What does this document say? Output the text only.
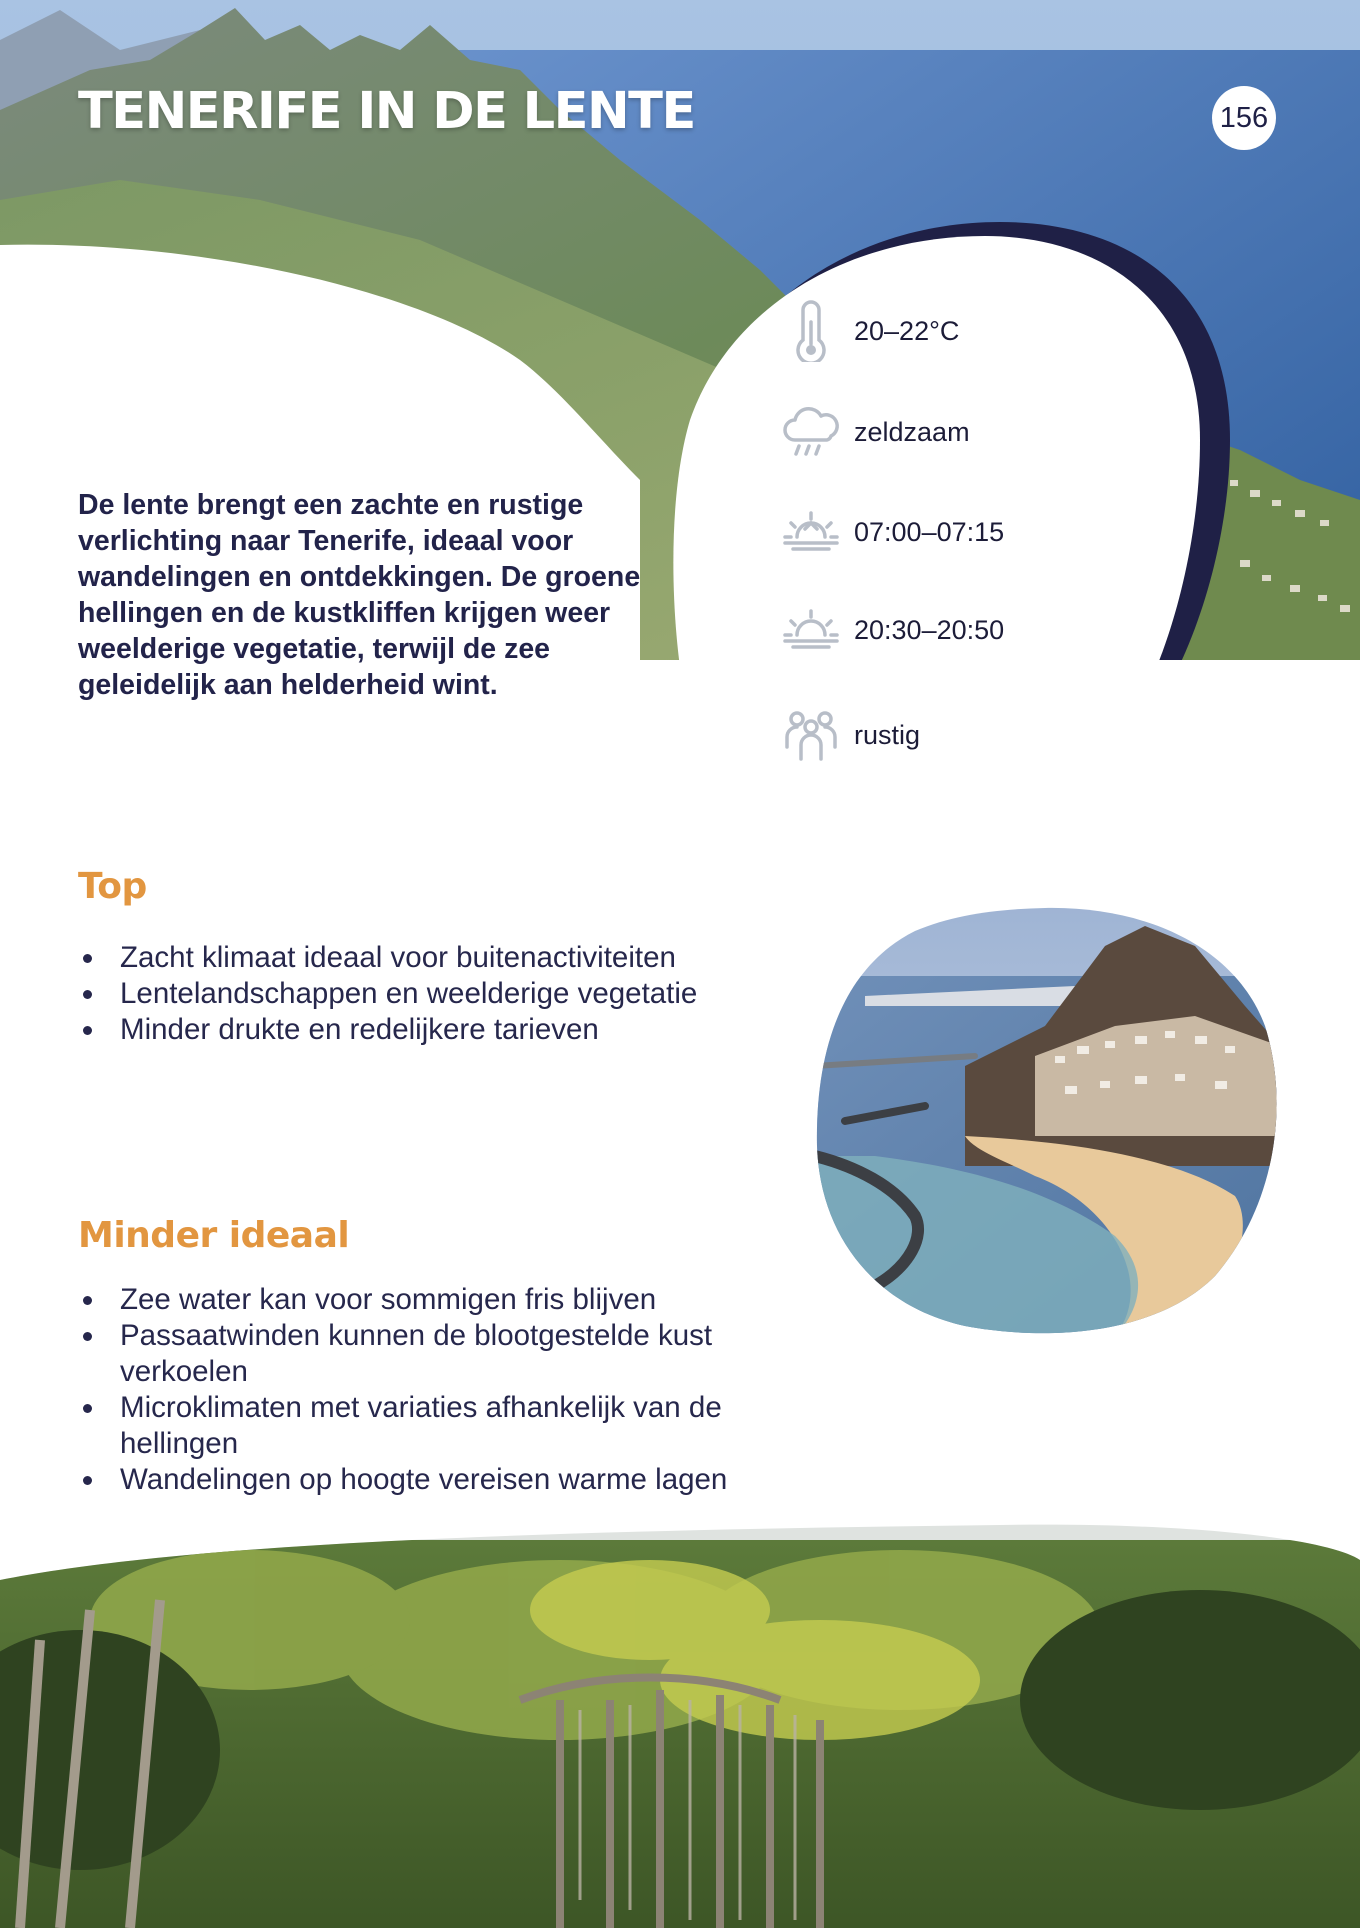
TENERIFE IN DE LENTE	156

De lente brengt een zachte en rustige verlichting naar Tenerife, ideaal voor wandelingen en ontdekkingen. De groene hellingen en de kustkliffen krijgen weer weelderige vegetatie, terwijl de zee geleidelijk aan helderheid wint.

20–22°C
zeldzaam
07:00–07:15
20:30–20:50
rustig
Top
Zacht klimaat ideaal voor buitenactiviteiten
Lentelandschappen en weelderige vegetatie
Minder drukte en redelijkere tarieven
Minder ideaal
Zee water kan voor sommigen fris blijven
Passaatwinden kunnen de blootgestelde kust verkoelen
Microklimaten met variaties afhankelijk van de hellingen
Wandelingen op hoogte vereisen warme lagen
